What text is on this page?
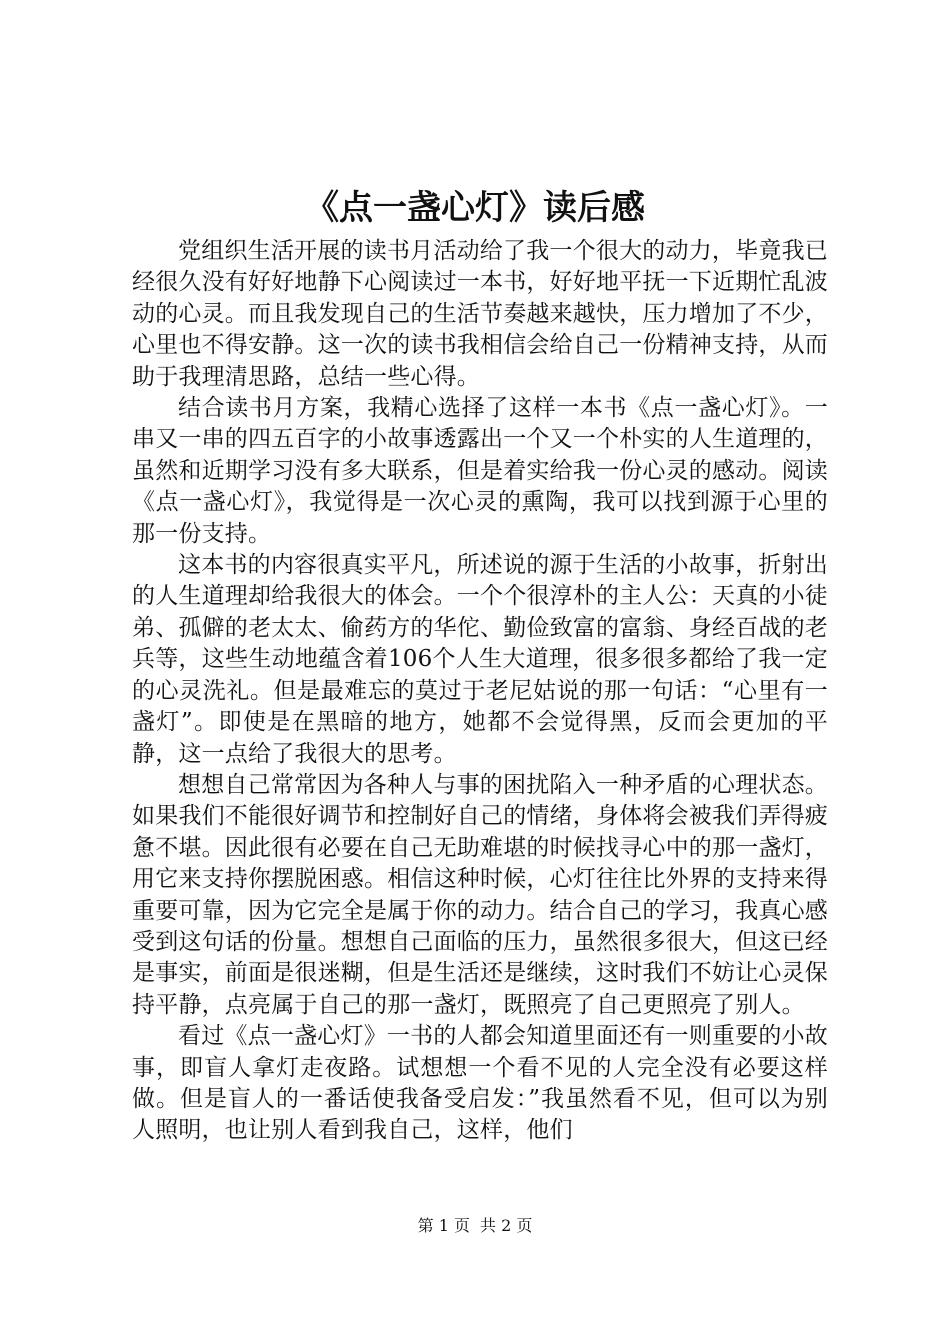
《点一盏心灯》读后感

党组织生活开展的读书月活动给了我一个很大的动力，毕竟我已经很久没有好好地静下心阅读过一本书，好好地平抚一下近期忙乱波动的心灵。而且我发现自己的生活节奏越来越快，压力增加了不少，心里也不得安静。这一次的读书我相信会给自己一份精神支持，从而助于我理清思路，总结一些心得。

结合读书月方案，我精心选择了这样一本书《点一盏心灯》。一串又一串的四五百字的小故事透露出一个又一个朴实的人生道理的，虽然和近期学习没有多大联系，但是着实给我一份心灵的感动。阅读《点一盏心灯》，我觉得是一次心灵的熏陶，我可以找到源于心里的那一份支持。

这本书的内容很真实平凡，所述说的源于生活的小故事，折射出的人生道理却给我很大的体会。一个个很淳朴的主人公：天真的小徒弟、孤僻的老太太、偷药方的华佗、勤俭致富的富翁、身经百战的老兵等，这些生动地蕴含着106个人生大道理，很多很多都给了我一定的心灵洗礼。但是最难忘的莫过于老尼姑说的那一句话：“心里有一盏灯”。即使是在黑暗的地方，她都不会觉得黑，反而会更加的平静，这一点给了我很大的思考。

想想自己常常因为各种人与事的困扰陷入一种矛盾的心理状态。如果我们不能很好调节和控制好自己的情绪，身体将会被我们弄得疲惫不堪。因此很有必要在自己无助难堪的时候找寻心中的那一盏灯，用它来支持你摆脱困惑。相信这种时候，心灯往往比外界的支持来得重要可靠，因为它完全是属于你的动力。结合自己的学习，我真心感受到这句话的份量。想想自己面临的压力，虽然很多很大，但这已经是事实，前面是很迷糊，但是生活还是继续，这时我们不妨让心灵保持平静，点亮属于自己的那一盏灯，既照亮了自己更照亮了别人。

看过《点一盏心灯》一书的人都会知道里面还有一则重要的小故事，即盲人拿灯走夜路。试想想一个看不见的人完全没有必要这样做。但是盲人的一番话使我备受启发：”我虽然看不见，但可以为别人照明，也让别人看到我自己，这样，他们

第 1 页 共 2 页
